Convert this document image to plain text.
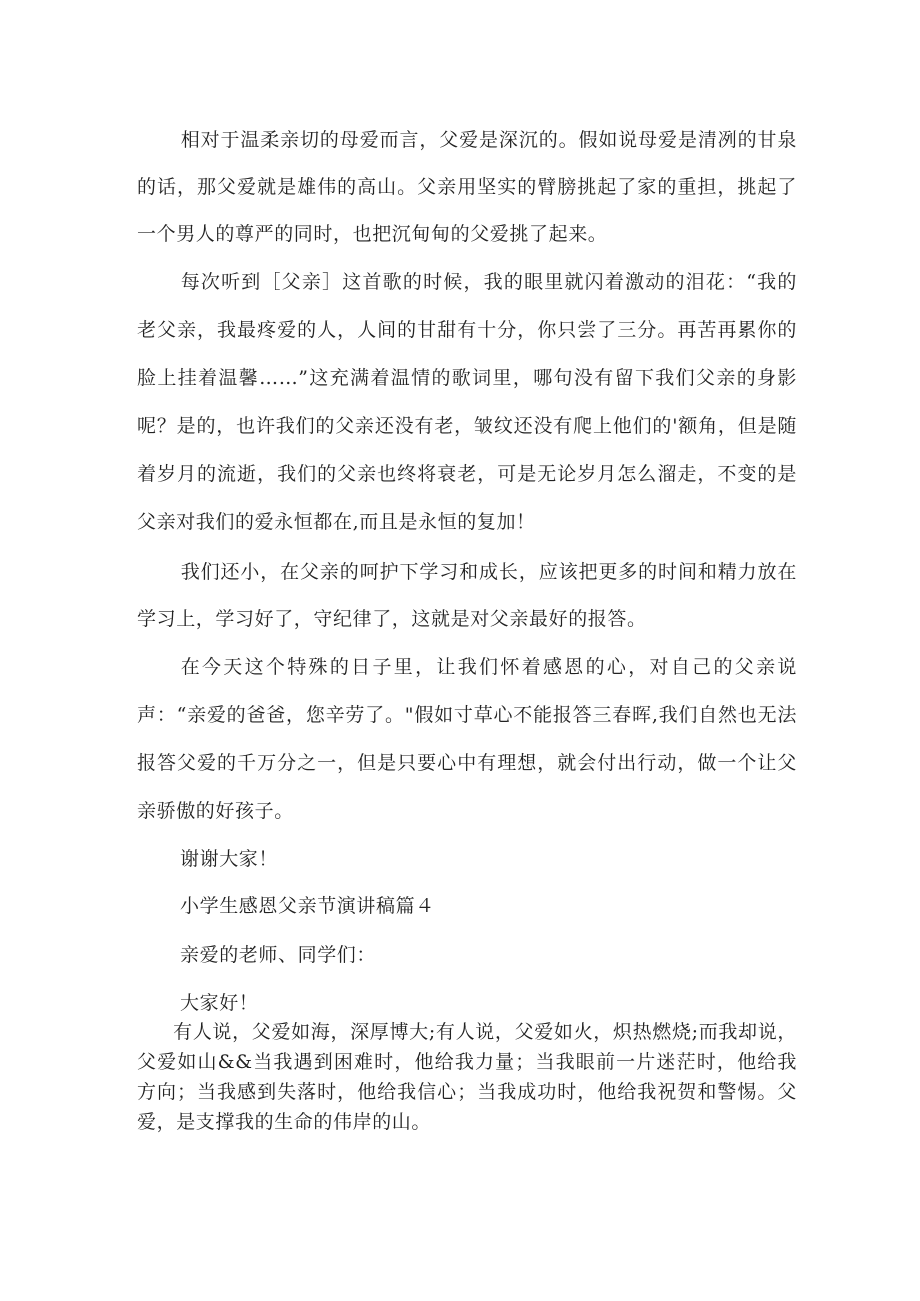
相对于温柔亲切的母爱而言，父爱是深沉的。假如说母爱是清冽的甘泉的话，那父爱就是雄伟的高山。父亲用坚实的臂膀挑起了家的重担，挑起了一个男人的尊严的同时，也把沉甸甸的父爱挑了起来。

每次听到［父亲］这首歌的时候，我的眼里就闪着激动的泪花：“我的老父亲，我最疼爱的人，人间的甘甜有十分，你只尝了三分。再苦再累你的脸上挂着温馨……”这充满着温情的歌词里，哪句没有留下我们父亲的身影呢？是的，也许我们的父亲还没有老，皱纹还没有爬上他们的'额角，但是随着岁月的流逝，我们的父亲也终将衰老，可是无论岁月怎么溜走，不变的是父亲对我们的爱永恒都在,而且是永恒的复加！

我们还小，在父亲的呵护下学习和成长，应该把更多的时间和精力放在学习上，学习好了，守纪律了，这就是对父亲最好的报答。

在今天这个特殊的日子里，让我们怀着感恩的心，对自己的父亲说声：“亲爱的爸爸，您辛劳了。"假如寸草心不能报答三春晖,我们自然也无法报答父爱的千万分之一，但是只要心中有理想，就会付出行动，做一个让父亲骄傲的好孩子。

谢谢大家！

小学生感恩父亲节演讲稿篇４

亲爱的老师、同学们：

大家好！

有人说，父爱如海，深厚博大;有人说，父爱如火，炽热燃烧;而我却说，父爱如山&&当我遇到困难时，他给我力量；当我眼前一片迷茫时，他给我方向；当我感到失落时，他给我信心；当我成功时，他给我祝贺和警惕。父爱，是支撑我的生命的伟岸的山。
